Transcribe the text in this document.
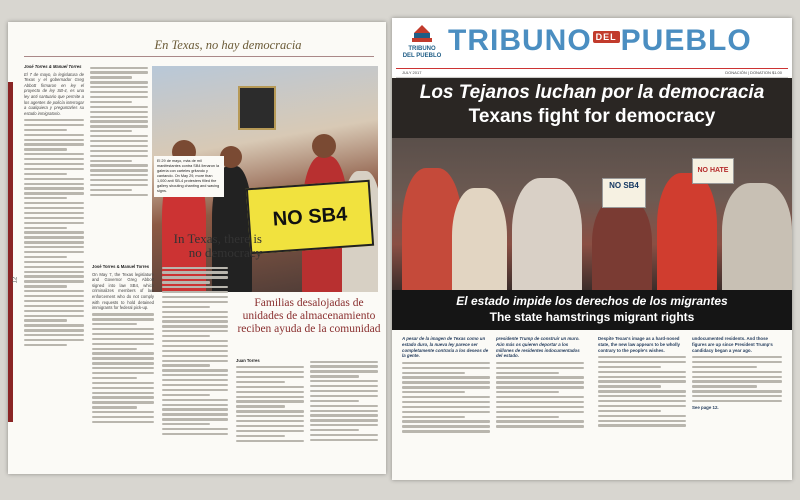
12
En Texas, no hay democracia
José Torres & Manuel Torres
El 7 de mayo, la legislatura de Texas y el gobernador Greg Abbott firmaron en ley el proyecto de ley SB-4, es una ley anti santuario que permite a los agentes de policía interrogar a cualquiera y preguntarles su estado inmigratorio.
NO SB4
El 29 de mayo, más de mil manifestantes contra SB4 llenaron la galería con carteles gritando y cantando. On May 29, more than 1,000 anti SB-4 protesters filled the gallery shouting chanting and waving signs.
In Texas, there is no democracy
José Torres & Manuel Torres
On May 7, the Texas legislature and Governor Greg Abbott signed into law SB4, which criminalizes members of law enforcement who do not comply with requests to hold detained immigrants for federal pick-up.	Familias desalojadas de unidades de almacenamiento reciben ayuda de la comunidad
Juan Torres
TRIBUNO
DEL PUEBLO TRIBUNO DEL PUEBLO
JULY 2017	DONACIÓN | DONATION $1.00
Los Tejanos luchan por la democracia
Texans fight for democracy
NO SB4
NO HATE
El estado impide los derechos de los migrantes
The state hamstrings migrant rights
A pesar de la imagen de Texas como un estado duro, la nueva ley parece ser completamente contraria a los deseos de la gente.
presidente Trump de construir un muro. Aún más os quieren deportar a los millones de residentes indocumentados del estado.
Despite Texas's image as a hard-nosed state, the new law appears to be wholly contrary to the people's wishes.
undocumented residents. And those figures are up since President Trump's candidacy began a year ago.
See page 12.
